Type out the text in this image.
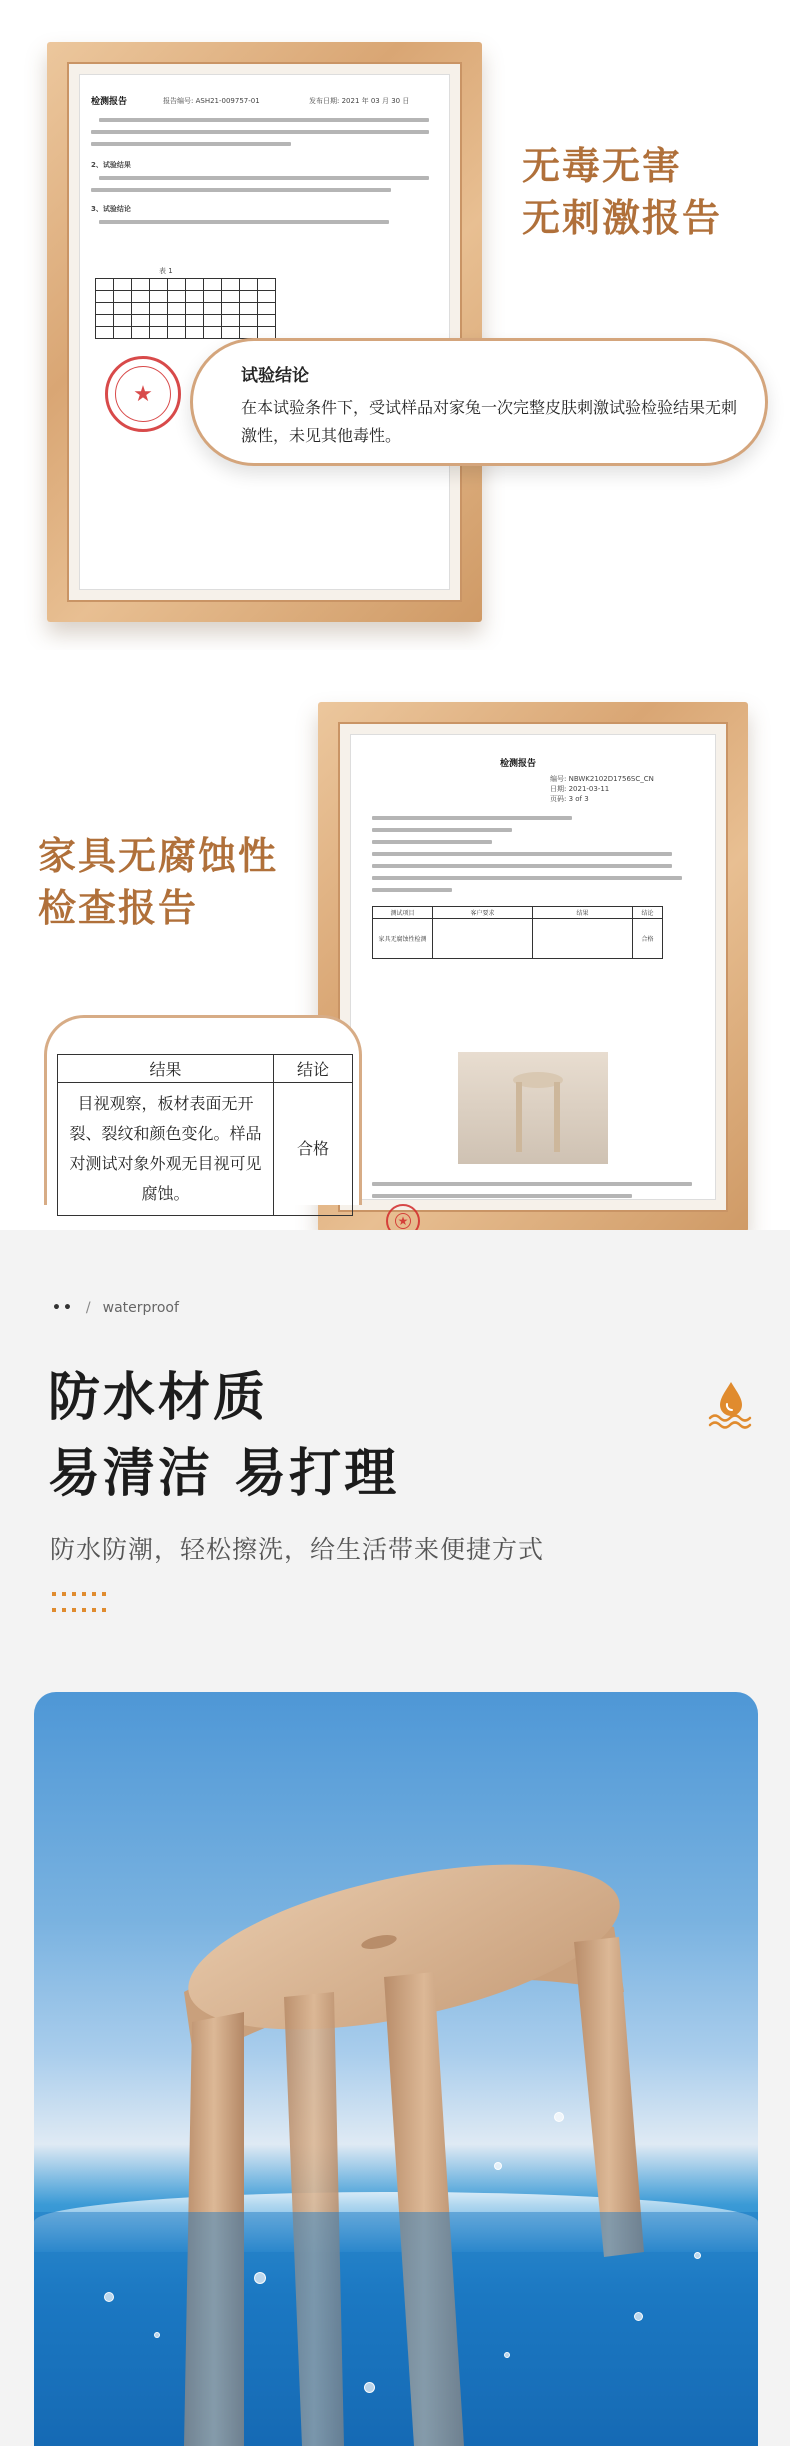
检测报告	报告编号: ASH21-009757-01	发布日期: 2021 年 03 月 30 日
2、试验结果
3、试验结论
表 1

★
无毒无害
无刺激报告
试验结论
在本试验条件下，受试样品对家兔一次完整皮肤刺激试验检验结果无刺激性，未见其他毒性。
家具无腐蚀性
检查报告
检测报告
编号: NBWK2102D1756SC_CN
日期: 2021-03-11
页码: 3 of 3
测试项目	客户要求	结果	结论
家具无腐蚀性检测			合格
★
结果	结论
目视观察，板材表面无开裂、裂纹和颜色变化。样品对测试对象外观无目视可见腐蚀。	合格
•• / waterproof
防水材质
易清洁 易打理
防水防潮，轻松擦洗，给生活带来便捷方式
